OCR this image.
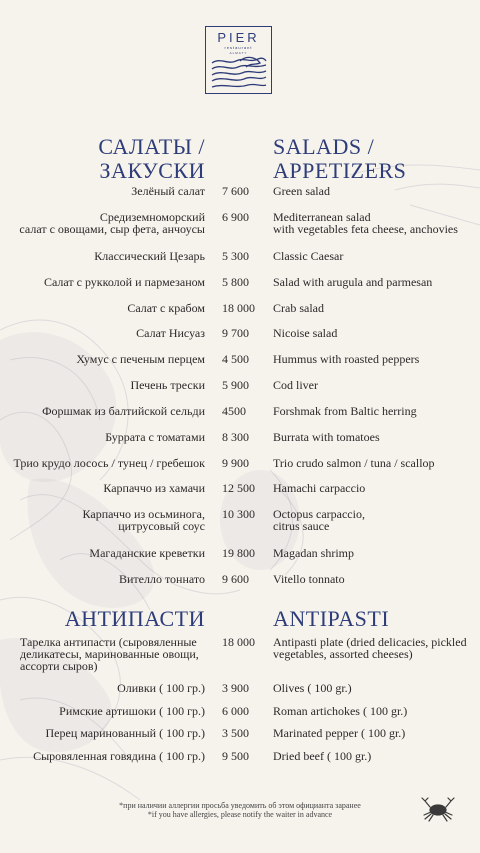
PIER
restaurant
ALMATY
САЛАТЫ /
ЗАКУСКИ
SALADS /
APPETIZERS
Зелёный салат 7 600	Green salad
Средиземноморский
салат с овощами, сыр фета, анчоусы
6 900	Mediterranean salad
with vegetables feta cheese, anchovies
Классический Цезарь 5 300	Classic Caesar
Салат с рукколой и пармезаном 5 800	Salad with arugula and parmesan
Салат с крабом 18 000	Crab salad
Салат Нисуаз 9 700	Nicoise salad
Хумус с печеным перцем 4 500	Hummus with roasted peppers
Печень трески 5 900	Cod liver
Форшмак из балтийской сельди 4500	Forshmak from Baltic herring
Буррата с томатами 8 300	Burrata with tomatoes
Трио крудо лосось / тунец / гребешок 9 900	Trio crudo salmon / tuna / scallop
Карпаччо из хамачи 12 500	Hamachi carpaccio
Карпаччо из осьминога,
цитрусовый соус
10 300	Octopus carpaccio,
citrus sauce
Магаданские креветки 19 800	Magadan shrimp
Вителло тоннато 9 600	Vitello tonnato
АНТИПАСТИ	ANTIPASTI
Тарелка антипасти (сыровяленные
деликатесы, маринованные овощи,
ассорти сыров)
18 000	Antipasti plate (dried delicacies, pickled
vegetables, assorted cheeses)
Оливки ( 100 гр.) 3 900	Olives ( 100 gr.)
Римские артишоки ( 100 гр.) 6 000	Roman artichokes ( 100 gr.)
Перец маринованный ( 100 гр.) 3 500	Marinated pepper ( 100 gr.)
Сыровяленная говядина ( 100 гр.) 9 500	Dried beef ( 100 gr.)
*при наличии аллергии просьба уведомить об этом официанта заранее
*if you have allergies, please notify the waiter in advance
